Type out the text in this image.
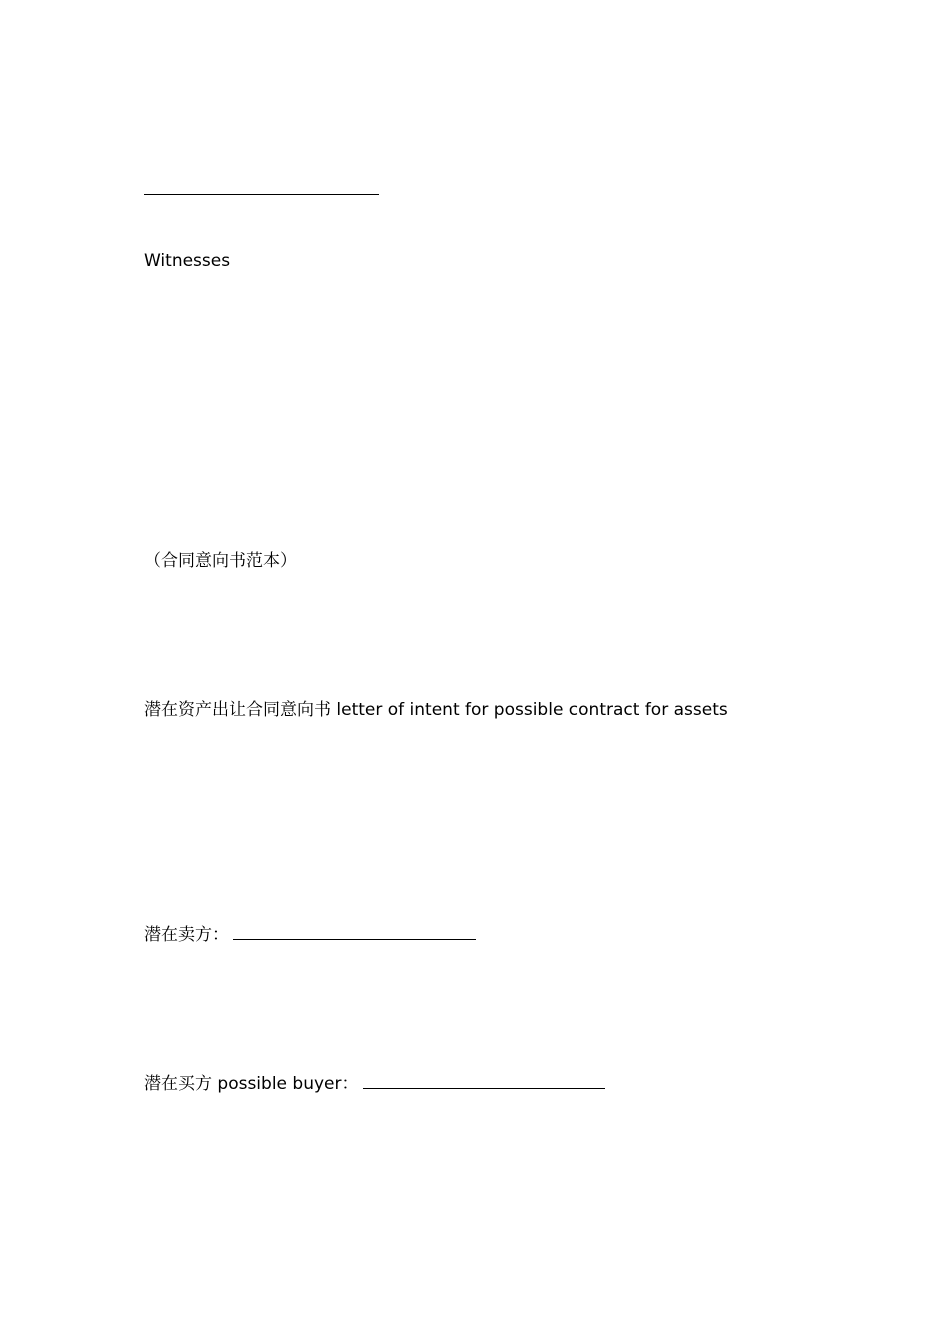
Witnesses
（合同意向书范本）
潜在资产出让合同意向书 letter of intent for possible contract for assets
潜在卖方：
潜在买方 possible buyer：
